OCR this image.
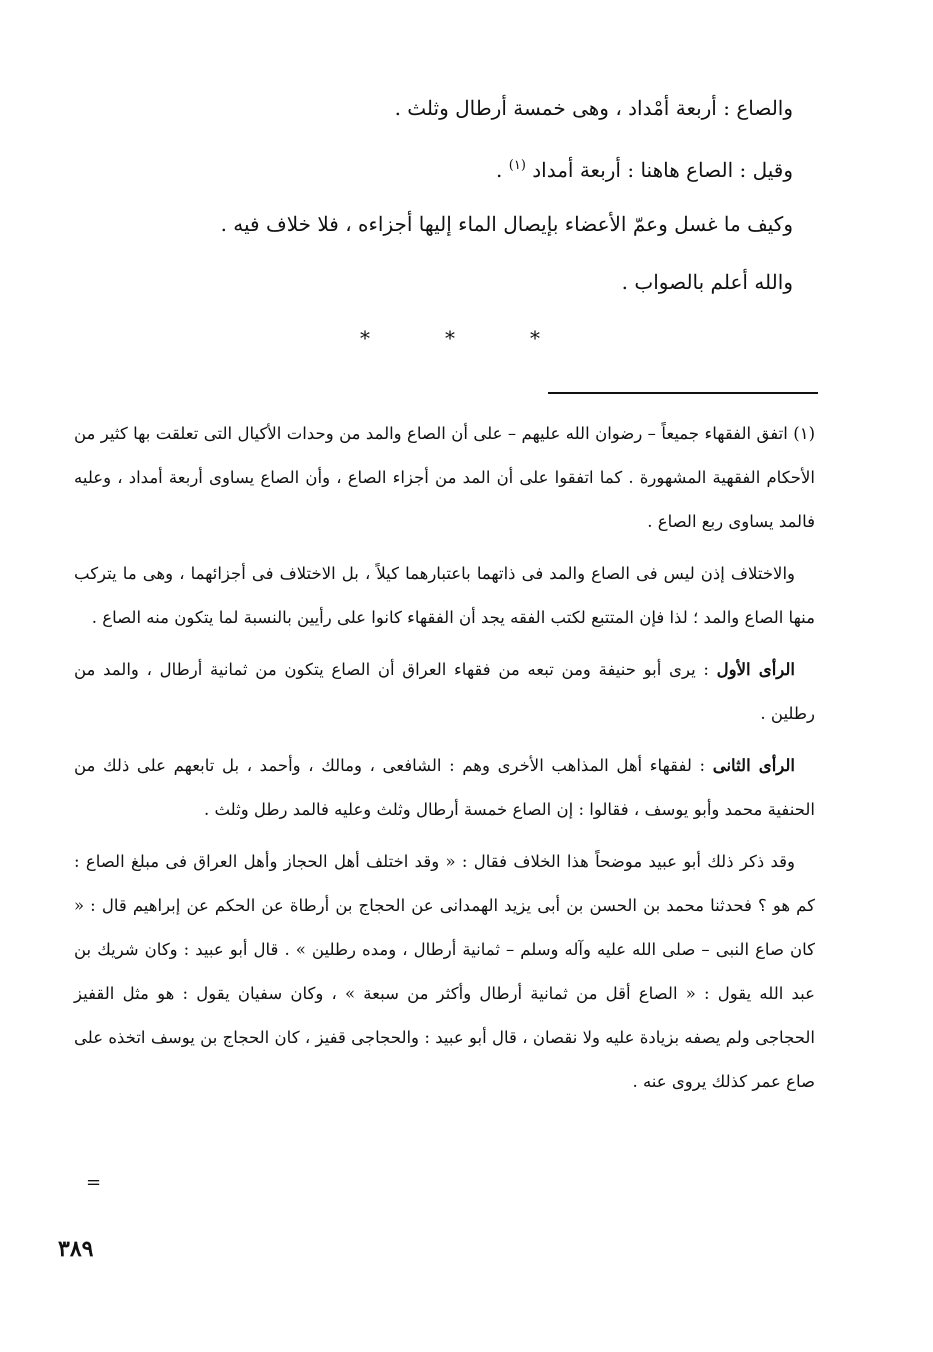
والصاع : أربعة أمْداد ، وهى خمسة أرطال وثلث .
وقيل : الصاع هاهنا : أربعة أمداد $^{(١)}$ .
وكيف ما غسل وعمّ الأعضاء بإيصال الماء إليها أجزاءه ، فلا خلاف فيه .
والله أعلم بالصواب .
*	*	*

(١) اتفق الفقهاء جميعاً – رضوان الله عليهم – على أن الصاع والمد من وحدات الأكيال التى تعلقت بها كثير من الأحكام الفقهية المشهورة . كما اتفقوا على أن المد من أجزاء الصاع ، وأن الصاع يساوى أربعة أمداد ، وعليه فالمد يساوى ربع الصاع .

والاختلاف إذن ليس فى الصاع والمد فى ذاتهما باعتبارهما كيلاً ، بل الاختلاف فى أجزائهما ، وهى ما يتركب منها الصاع والمد ؛ لذا فإن المتتبع لكتب الفقه يجد أن الفقهاء كانوا على رأيين بالنسبة لما يتكون منه الصاع .

الرأى الأول : يرى أبو حنيفة ومن تبعه من فقهاء العراق أن الصاع يتكون من ثمانية أرطال ، والمد من رطلين .

الرأى الثانى : لفقهاء أهل المذاهب الأخرى وهم : الشافعى ، ومالك ، وأحمد ، بل تابعهم على ذلك من الحنفية محمد وأبو يوسف ، فقالوا : إن الصاع خمسة أرطال وثلث وعليه فالمد رطل وثلث .

وقد ذكر ذلك أبو عبيد موضحاً هذا الخلاف فقال : « وقد اختلف أهل الحجاز وأهل العراق فى مبلغ الصاع : كم هو ؟ فحدثنا محمد بن الحسن بن أبى يزيد الهمدانى عن الحجاج بن أرطاة عن الحكم عن إبراهيم قال : « كان صاع النبى – صلى الله عليه وآله وسلم – ثمانية أرطال ، ومده رطلين » . قال أبو عبيد : وكان شريك بن عبد الله يقول : « الصاع أقل من ثمانية أرطال وأكثر من سبعة » ، وكان سفيان يقول : هو مثل القفيز الحجاجى ولم يصفه بزيادة عليه ولا نقصان ، قال أبو عبيد : والحجاجى قفيز ، كان الحجاج بن يوسف اتخذه على صاع عمر كذلك يروى عنه .

=
٣٨٩
